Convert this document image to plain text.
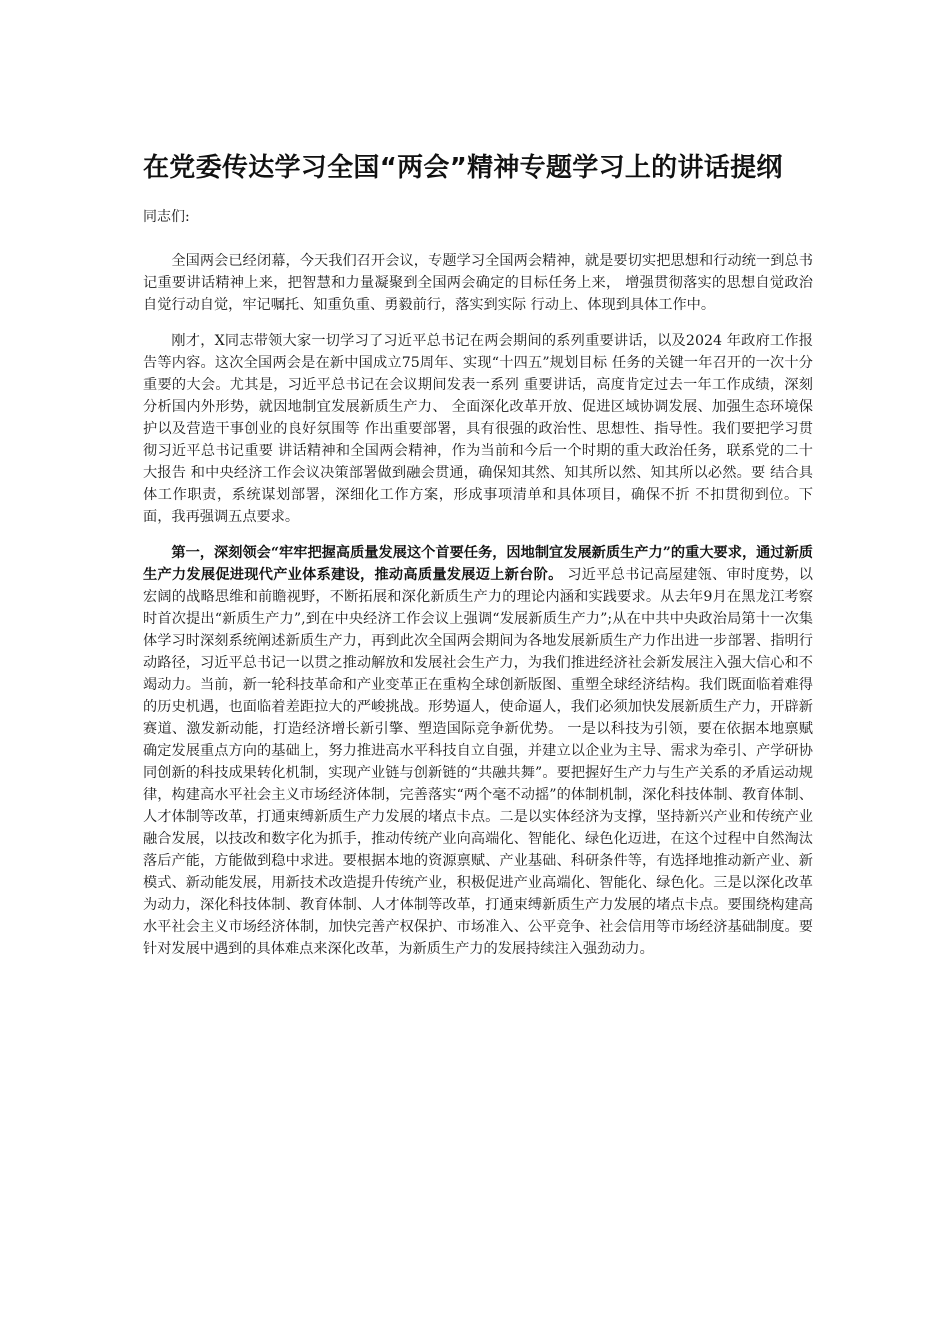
在党委传达学习全国“两会”精神专题学习上的讲话提纲

同志们:

全国两会已经闭幕，今天我们召开会议，专题学习全国两会精神，就是要切实把思想和行动统一到总书记重要讲话精神上来，把智慧和力量凝聚到全国两会确定的目标任务上来， 增强贯彻落实的思想自觉政治自觉行动自觉，牢记嘱托、知重负重、勇毅前行，落实到实际 行动上、体现到具体工作中。

刚才，X同志带领大家一切学习了习近平总书记在两会期间的系列重要讲话，以及2024 年政府工作报告等内容。这次全国两会是在新中国成立75周年、实现“十四五”规划目标 任务的关键一年召开的一次十分重要的大会。尤其是，习近平总书记在会议期间发表一系列 重要讲话，高度肯定过去一年工作成绩，深刻分析国内外形势，就因地制宜发展新质生产力、 全面深化改革开放、促进区域协调发展、加强生态环境保护以及营造干事创业的良好氛围等 作出重要部署，具有很强的政治性、思想性、指导性。我们要把学习贯彻习近平总书记重要 讲话精神和全国两会精神，作为当前和今后一个时期的重大政治任务，联系党的二十大报告 和中央经济工作会议决策部署做到融会贯通，确保知其然、知其所以然、知其所以必然。要 结合具体工作职责，系统谋划部署，深细化工作方案，形成事项清单和具体项目，确保不折 不扣贯彻到位。下面，我再强调五点要求。

第一，深刻领会“牢牢把握高质量发展这个首要任务，因地制宜发展新质生产力”的重大要求，通过新质生产力发展促进现代产业体系建设，推动高质量发展迈上新台阶。 习近平总书记高屋建瓴、审时度势，以宏阔的战略思维和前瞻视野，不断拓展和深化新质生产力的理论内涵和实践要求。从去年9月在黑龙江考察时首次提出“新质生产力”,到在中央经济工作会议上强调“发展新质生产力”;从在中共中央政治局第十一次集体学习时深刻系统阐述新质生产力，再到此次全国两会期间为各地发展新质生产力作出进一步部署、指明行动路径，习近平总书记一以贯之推动解放和发展社会生产力，为我们推进经济社会新发展注入强大信心和不竭动力。当前，新一轮科技革命和产业变革正在重构全球创新版图、重塑全球经济结构。我们既面临着难得的历史机遇，也面临着差距拉大的严峻挑战。形势逼人，使命逼人，我们必须加快发展新质生产力，开辟新赛道、激发新动能，打造经济增长新引擎、塑造国际竞争新优势。 一是以科技为引领，要在依据本地禀赋确定发展重点方向的基础上，努力推进高水平科技自立自强，并建立以企业为主导、需求为牵引、产学研协同创新的科技成果转化机制，实现产业链与创新链的“共融共舞”。要把握好生产力与生产关系的矛盾运动规律，构建高水平社会主义市场经济体制，完善落实“两个毫不动摇”的体制机制，深化科技体制、教育体制、人才体制等改革，打通束缚新质生产力发展的堵点卡点。二是以实体经济为支撑，坚持新兴产业和传统产业融合发展，以技改和数字化为抓手，推动传统产业向高端化、智能化、绿色化迈进，在这个过程中自然淘汰落后产能，方能做到稳中求进。要根据本地的资源禀赋、产业基础、科研条件等，有选择地推动新产业、新模式、新动能发展，用新技术改造提升传统产业，积极促进产业高端化、智能化、绿色化。三是以深化改革为动力，深化科技体制、教育体制、人才体制等改革，打通束缚新质生产力发展的堵点卡点。要围绕构建高水平社会主义市场经济体制，加快完善产权保护、市场准入、公平竞争、社会信用等市场经济基础制度。要针对发展中遇到的具体难点来深化改革，为新质生产力的发展持续注入强劲动力。
